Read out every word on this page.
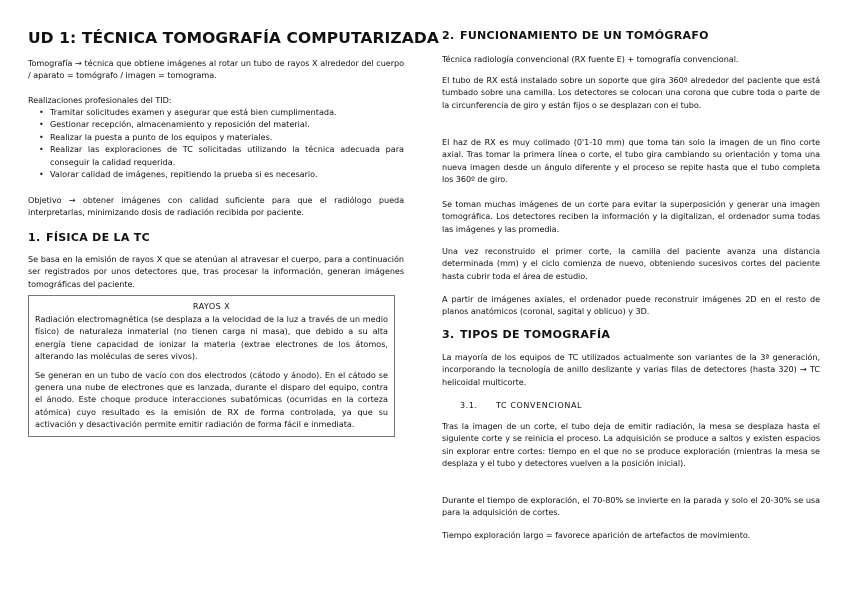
UD 1: TÉCNICA TOMOGRAFÍA COMPUTARIZADA

Tomografía → técnica que obtiene imágenes al rotar un tubo de rayos X alrededor del cuerpo / aparato = tomógrafo / imagen = tomograma.

Realizaciones profesionales del TID:

• Tramitar solicitudes examen y asegurar que está bien cumplimentada.
• Gestionar recepción, almacenamiento y reposición del material.
• Realizar la puesta a punto de los equipos y materiales.
• Realizar las exploraciones de TC solicitadas utilizando la técnica adecuada para conseguir la calidad requerida.
• Valorar calidad de imágenes, repitiendo la prueba si es necesario.

Objetivo → obtener imágenes con calidad suficiente para que el radiólogo pueda interpretarlas, minimizando dosis de radiación recibida por paciente.

1. FÍSICA DE LA TC

Se basa en la emisión de rayos X que se atenúan al atravesar el cuerpo, para a continuación ser registrados por unos detectores que, tras procesar la información, generan imágenes tomográficas del paciente.

RAYOS X

Radiación electromagnética (se desplaza a la velocidad de la luz a través de un medio físico) de naturaleza inmaterial (no tienen carga ni masa), que debido a su alta energía tiene capacidad de ionizar la materia (extrae electrones de los átomos, alterando las moléculas de seres vivos).

Se generan en un tubo de vacío con dos electrodos (cátodo y ánodo). En el cátodo se genera una nube de electrones que es lanzada, durante el disparo del equipo, contra el ánodo. Este choque produce interacciones subatómicas (ocurridas en la corteza atómica) cuyo resultado es la emisión de RX de forma controlada, ya que su activación y desactivación permite emitir radiación de forma fácil e inmediata.

2. FUNCIONAMIENTO DE UN TOMÓGRAFO

Técnica radiología convencional (RX fuente E) + tomografía convencional.

El tubo de RX está instalado sobre un soporte que gira 360º alrededor del paciente que está tumbado sobre una camilla. Los detectores se colocan una corona que cubre toda o parte de la circunferencia de giro y están fijos o se desplazan con el tubo.

El haz de RX es muy colimado (0'1-10 mm) que toma tan solo la imagen de un fino corte axial. Tras tomar la primera línea o corte, el tubo gira cambiando su orientación y toma una nueva imagen desde un ángulo diferente y el proceso se repite hasta que el tubo completa los 360º de giro.

Se toman muchas imágenes de un corte para evitar la superposición y generar una imagen tomográfica. Los detectores reciben la información y la digitalizan, el ordenador suma todas las imágenes y las promedia.

Una vez reconstruido el primer corte, la camilla del paciente avanza una distancia determinada (mm) y el ciclo comienza de nuevo, obteniendo sucesivos cortes del paciente hasta cubrir toda el área de estudio.

A partir de imágenes axiales, el ordenador puede reconstruir imágenes 2D en el resto de planos anatómicos (coronal, sagital y oblicuo) y 3D.

3. TIPOS DE TOMOGRAFÍA

La mayoría de los equipos de TC utilizados actualmente son variantes de la 3ª generación, incorporando la tecnología de anillo deslizante y varias filas de detectores (hasta 320) → TC helicoidal multicorte.

3.1. TC CONVENCIONAL

Tras la imagen de un corte, el tubo deja de emitir radiación, la mesa se desplaza hasta el siguiente corte y se reinicia el proceso. La adquisición se produce a saltos y existen espacios sin explorar entre cortes: tiempo en el que no se produce exploración (mientras la mesa se desplaza y el tubo y detectores vuelven a la posición inicial).

Durante el tiempo de exploración, el 70-80% se invierte en la parada y solo el 20-30% se usa para la adquisición de cortes.

Tiempo exploración largo = favorece aparición de artefactos de movimiento.
